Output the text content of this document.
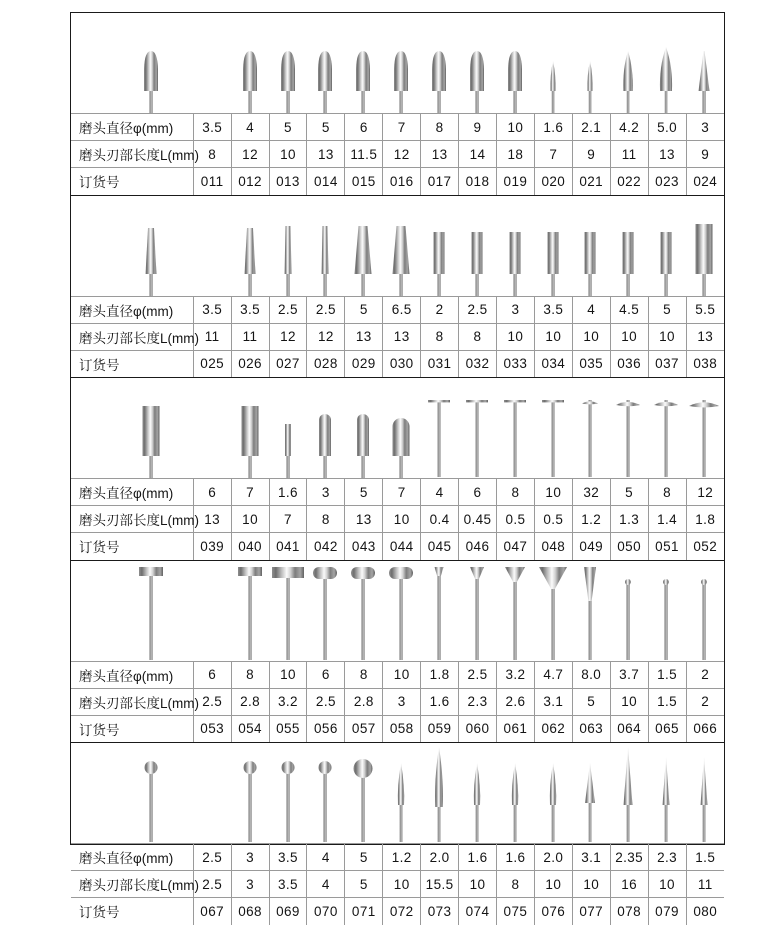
磨头直径φ(mm)	3.5	4	5	5	6	7	8	9	10	1.6	2.1	4.2	5.0	3
磨头刃部长度L(mm)	8	12	10	13	11.5	12	13	14	18	7	9	11	13	9
订货号	011	012	013	014	015	016	017	018	019	020	021	022	023	024
磨头直径φ(mm)	3.5	3.5	2.5	2.5	5	6.5	2	2.5	3	3.5	4	4.5	5	5.5
磨头刃部长度L(mm)	11	11	12	12	13	13	8	8	10	10	10	10	10	13
订货号	025	026	027	028	029	030	031	032	033	034	035	036	037	038
磨头直径φ(mm)	6	7	1.6	3	5	7	4	6	8	10	32	5	8	12
磨头刃部长度L(mm)	13	10	7	8	13	10	0.4	0.45	0.5	0.5	1.2	1.3	1.4	1.8
订货号	039	040	041	042	043	044	045	046	047	048	049	050	051	052
磨头直径φ(mm)	6	8	10	6	8	10	1.8	2.5	3.2	4.7	8.0	3.7	1.5	2
磨头刃部长度L(mm)	2.5	2.8	3.2	2.5	2.8	3	1.6	2.3	2.6	3.1	5	10	1.5	2
订货号	053	054	055	056	057	058	059	060	061	062	063	064	065	066
磨头直径φ(mm)	2.5	3	3.5	4	5	1.2	2.0	1.6	1.6	2.0	3.1	2.35	2.3	1.5
磨头刃部长度L(mm)	2.5	3	3.5	4	5	10	15.5	10	8	10	10	16	10	11
订货号	067	068	069	070	071	072	073	074	075	076	077	078	079	080
